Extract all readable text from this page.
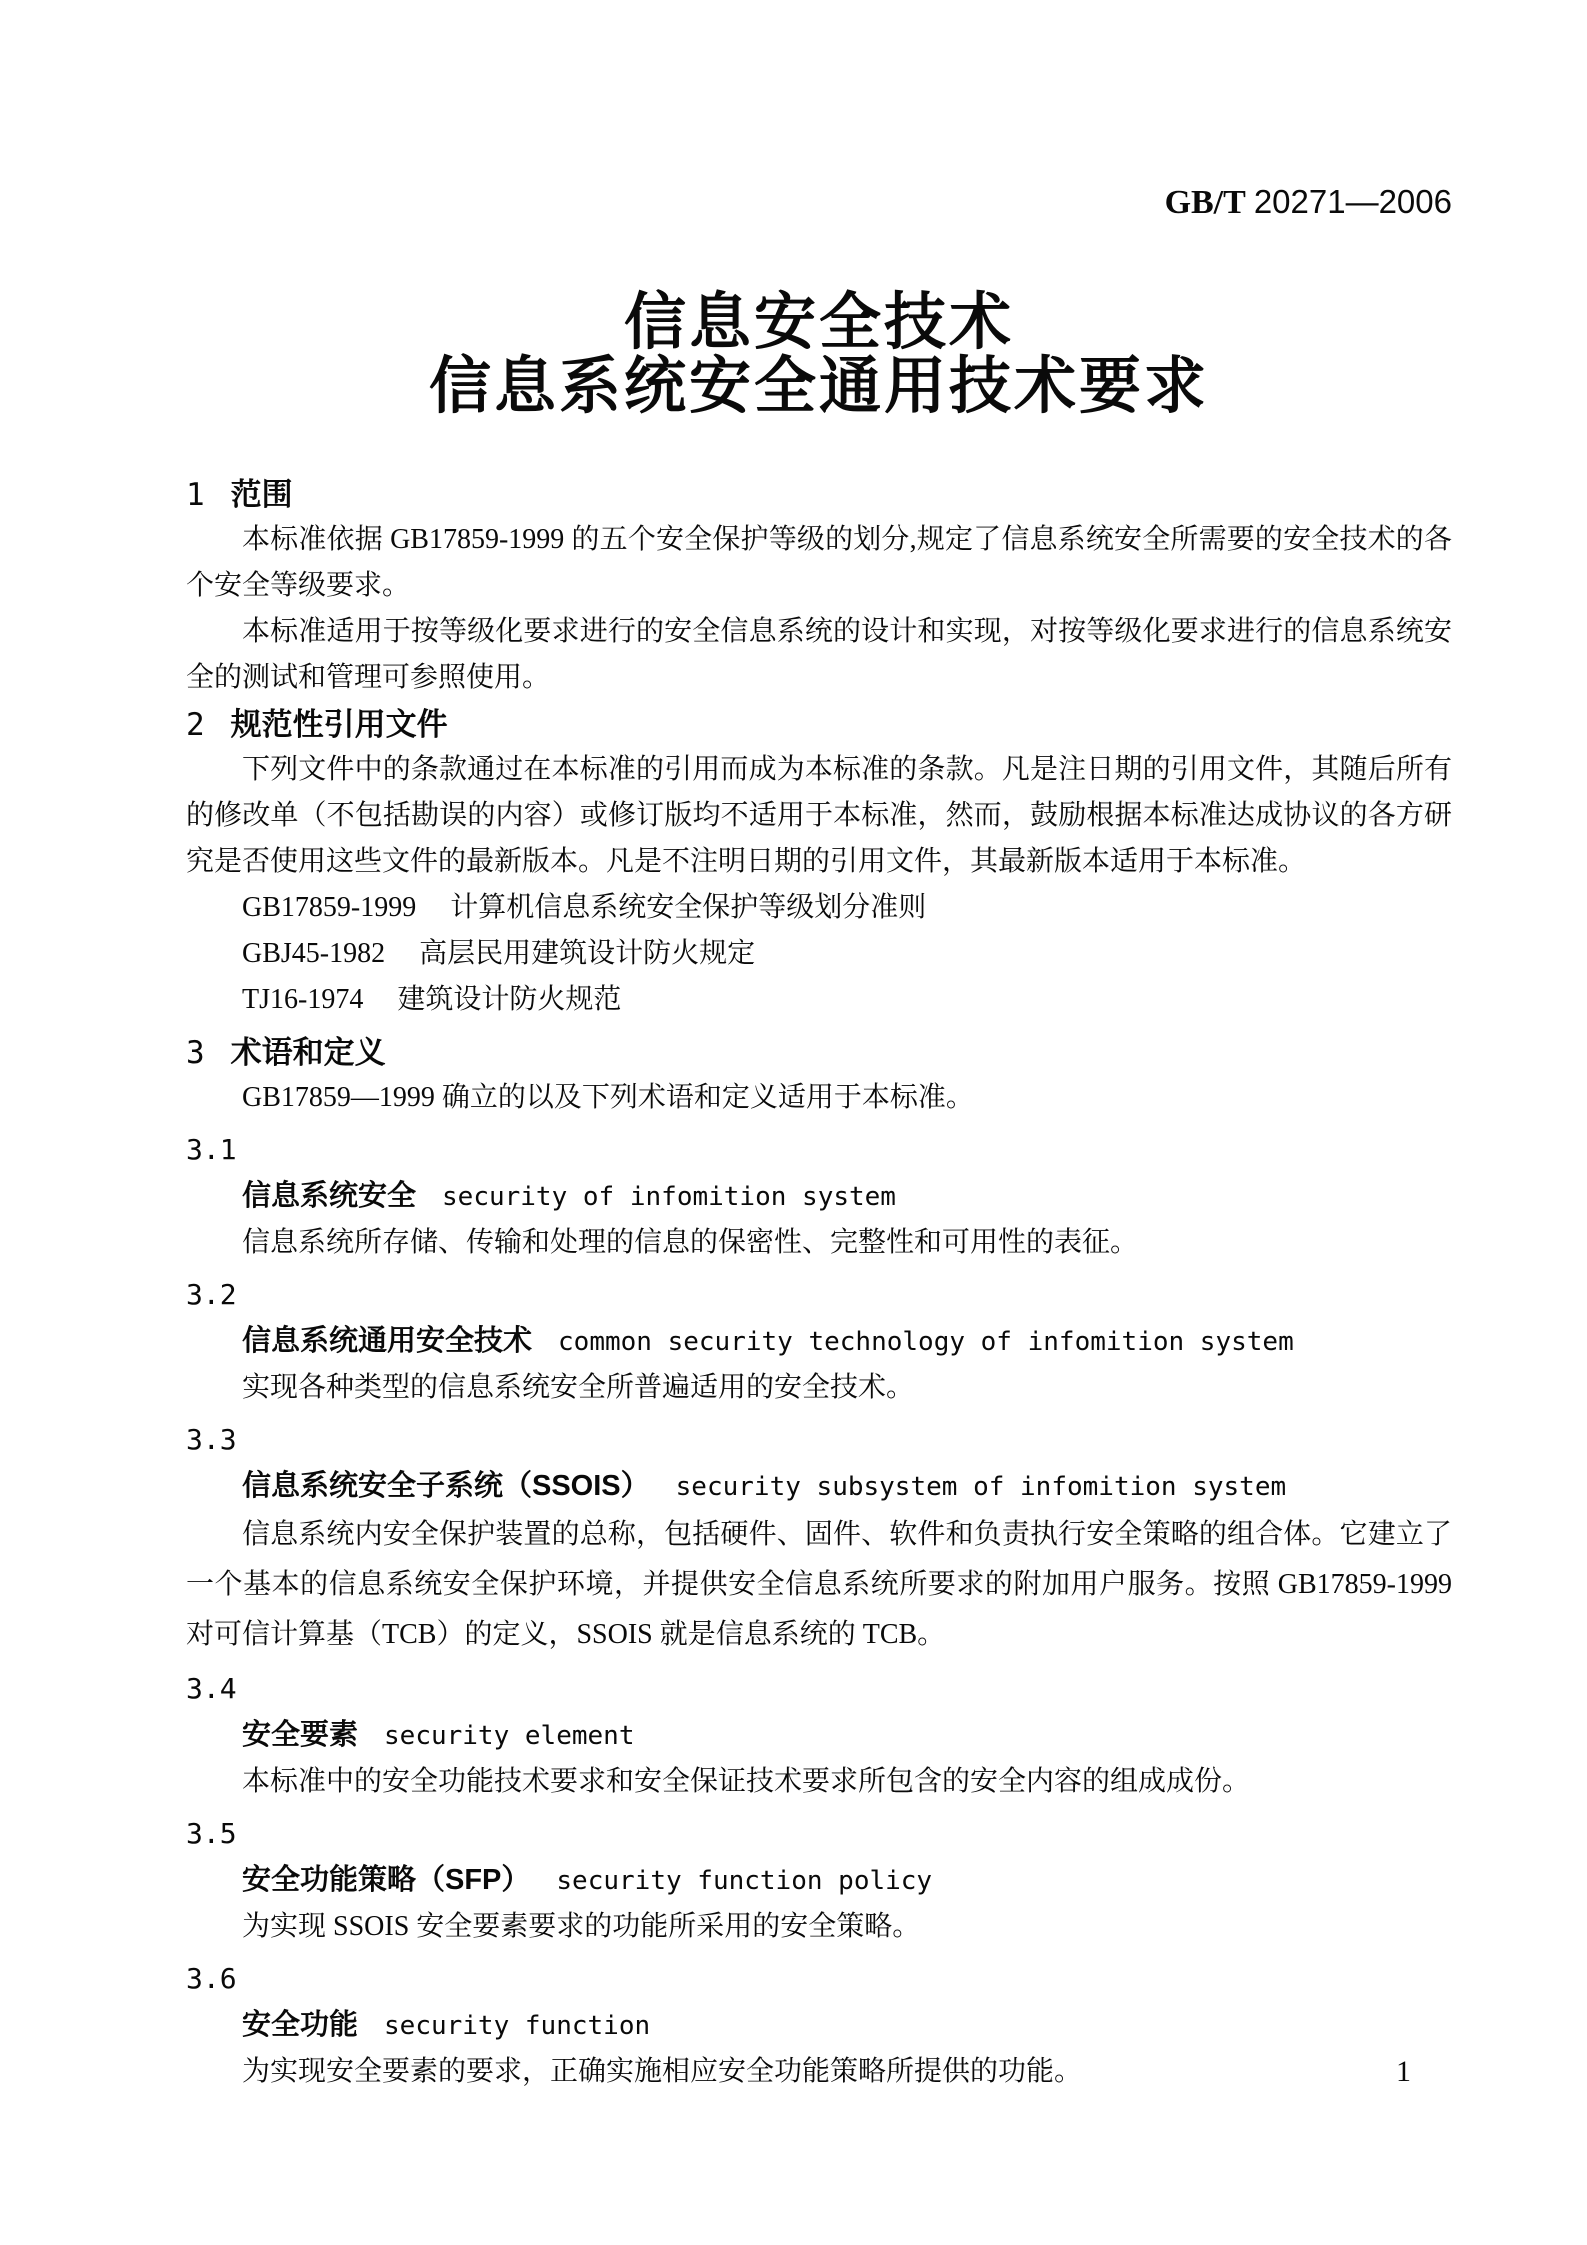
GB/T 20271—2006
信息安全技术
信息系统安全通用技术要求
1 范围

本标准依据 GB17859-1999 的五个安全保护等级的划分,规定了信息系统安全所需要的安全技术的各个安全等级要求。

本标准适用于按等级化要求进行的安全信息系统的设计和实现，对按等级化要求进行的信息系统安全的测试和管理可参照使用。

2 规范性引用文件

下列文件中的条款通过在本标准的引用而成为本标准的条款。凡是注日期的引用文件，其随后所有的修改单（不包括勘误的内容）或修订版均不适用于本标准，然而，鼓励根据本标准达成协议的各方研究是否使用这些文件的最新版本。凡是不注明日期的引用文件，其最新版本适用于本标准。

GB17859-1999 计算机信息系统安全保护等级划分准则

GBJ45-1982 高层民用建筑设计防火规定

TJ16-1974 建筑设计防火规范

3 术语和定义

GB17859—1999 确立的以及下列术语和定义适用于本标准。

3.1
信息系统安全 security of infomition system

信息系统所存储、传输和处理的信息的保密性、完整性和可用性的表征。

3.2
信息系统通用安全技术 common security technology of infomition system

实现各种类型的信息系统安全所普遍适用的安全技术。

3.3
信息系统安全子系统（SSOIS） security subsystem of infomition system

信息系统内安全保护装置的总称，包括硬件、固件、软件和负责执行安全策略的组合体。它建立了一个基本的信息系统安全保护环境，并提供安全信息系统所要求的附加用户服务。按照 GB17859-1999 对可信计算基（TCB）的定义，SSOIS 就是信息系统的 TCB。

3.4
安全要素 security element

本标准中的安全功能技术要求和安全保证技术要求所包含的安全内容的组成成份。

3.5
安全功能策略（SFP） security function policy

为实现 SSOIS 安全要素要求的功能所采用的安全策略。

3.6
安全功能 security function

为实现安全要素的要求，正确实施相应安全功能策略所提供的功能。	1
